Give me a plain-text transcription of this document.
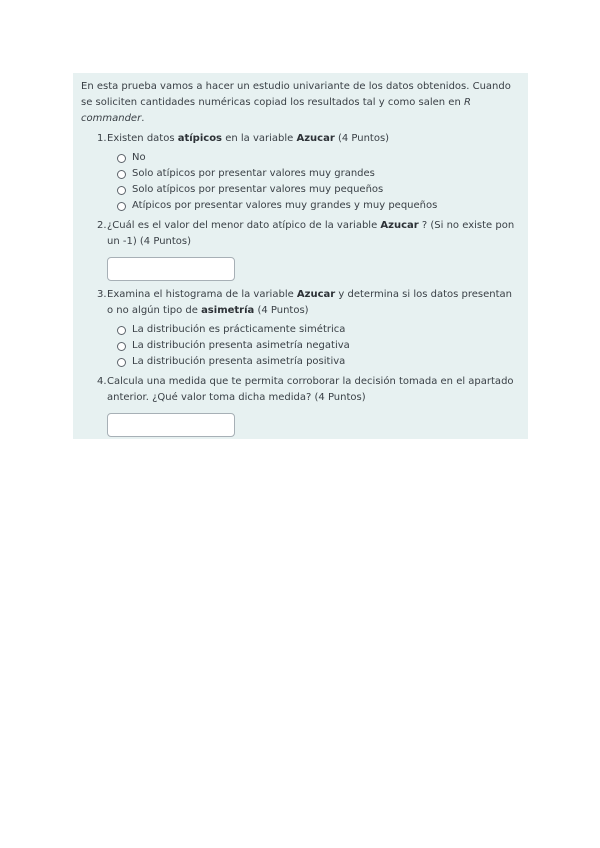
En esta prueba vamos a hacer un estudio univariante de los datos obtenidos. Cuando se soliciten cantidades numéricas copiad los resultados tal y como salen en R commander.

1. Existen datos atípicos en la variable Azucar (4 Puntos)

No
Solo atípicos por presentar valores muy grandes
Solo atípicos por presentar valores muy pequeños
Atípicos por presentar valores muy grandes y muy pequeños
2. ¿Cuál es el valor del menor dato atípico de la variable Azucar ? (Si no existe pon un -1) (4 Puntos)

3. Examina el histograma de la variable Azucar y determina si los datos presentan o no algún tipo de asimetría (4 Puntos)

La distribución es prácticamente simétrica
La distribución presenta asimetría negativa
La distribución presenta asimetría positiva
4. Calcula una medida que te permita corroborar la decisión tomada en el apartado anterior. ¿Qué valor toma dicha medida? (4 Puntos)
